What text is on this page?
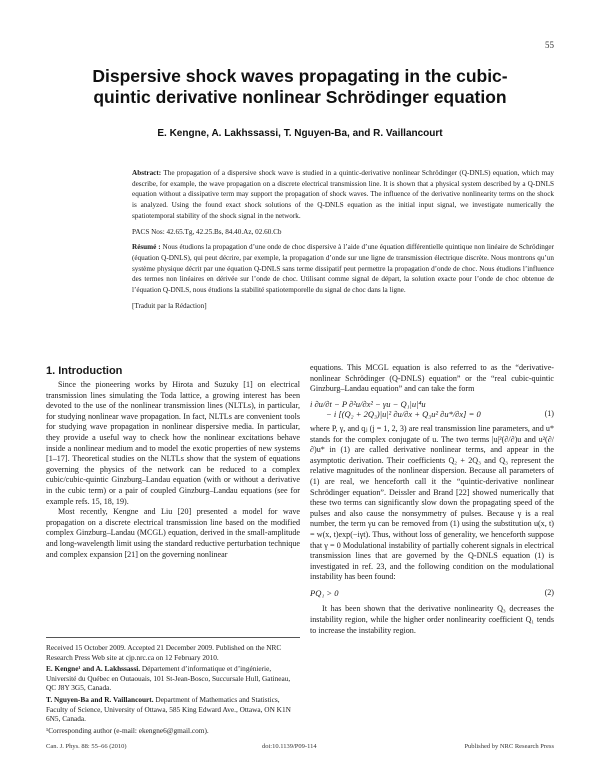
55
Dispersive shock waves propagating in the cubic-
quintic derivative nonlinear Schrödinger equation
E. Kengne, A. Lakhssassi, T. Nguyen-Ba, and R. Vaillancourt

Abstract: The propagation of a dispersive shock wave is studied in a quintic-derivative nonlinear Schrödinger (Q-DNLS) equation, which may describe, for example, the wave propagation on a discrete electrical transmission line. It is shown that a physical system described by a Q-DNLS equation without a dissipative term may support the propagation of shock waves. The influence of the derivative nonlinearity terms on the shock is analyzed. Using the found exact shock solutions of the Q-DNLS equation as the initial input signal, we investigate numerically the spatiotemporal stability of the shock signal in the network.

PACS Nos: 42.65.Tg, 42.25.Bs, 84.40.Az, 02.60.Cb

Résumé : Nous étudions la propagation d’une onde de choc dispersive à l’aide d’une équation différentielle quintique non linéaire de Schrödinger (équation Q-DNLS), qui peut décrire, par exemple, la propagation d’onde sur une ligne de transmission électrique discrète. Nous montrons qu’un système physique décrit par une équation Q-DNLS sans terme dissipatif peut permettre la propagation d’onde de choc. Nous étudions l’influence des termes non linéaires en dérivée sur l’onde de choc. Utilisant comme signal de départ, la solution exacte pour l’onde de choc obtenue de l’équation Q-DNLS, nous étudions la stabilité spatiotemporelle du signal de choc dans la ligne.

[Traduit par la Rédaction]

1. Introduction

Since the pioneering works by Hirota and Suzuky [1] on electrical transmission lines simulating the Toda lattice, a growing interest has been devoted to the use of the nonlinear transmission lines (NLTLs), in particular, for studying nonlinear wave propagation. In fact, NLTLs are convenient tools for studying wave propagation in nonlinear dispersive media. In particular, they provide a useful way to check how the nonlinear excitations behave inside a nonlinear medium and to model the exotic properties of new systems [1–17]. Theoretical studies on the NLTLs show that the system of equations governing the physics of the network can be reduced to a complex cubic/cubic-quintic Ginzburg–Landau equation (with or without a derivative in the cubic term) or a pair of coupled Ginzburg–Landau equations (see for example refs. 15, 18, 19).

Most recently, Kengne and Liu [20] presented a model for wave propagation on a discrete electrical transmission line based on the modified complex Ginzburg–Landau (MCGL) equation, derived in the small-amplitude and long-wavelength limit using the standard reductive perturbation technique and complex expansion [21] on the governing nonlinear

equations. This MCGL equation is also referred to as the “derivative-nonlinear Schrödinger (Q-DNLS) equation” or the “real cubic-quintic Ginzburg–Landau equation” and can take the form

i ∂u/∂t − P ∂²u/∂x² − γu − Q₁|u|⁴u
− i [(Q₂ + 2Q₃)|u|² ∂u/∂x + Q₃u² ∂u*/∂x] = 0	(1)

where P, γ, and qⱼ (j = 1, 2, 3) are real transmission line parameters, and u* stands for the complex conjugate of u. The two terms |u|²(∂/∂)u and u²(∂/∂)u* in (1) are called derivative nonlinear terms, and appear in the asymptotic derivation. Their coefficients Q₂ + 2Q₃ and Q₃ represent the relative magnitudes of the nonlinear dispersion. Because all parameters of (1) are real, we henceforth call it the “quintic-derivative nonlinear Schrödinger equation”. Deissler and Brand [22] showed numerically that these two terms can significantly slow down the propagating speed of the pulses and also cause the nonsymmetry of pulses. Because γ is a real number, the term γu can be removed from (1) using the substitution u(x, t) = w(x, t)exp(−iγt). Thus, without loss of generality, we henceforth suppose that γ = 0 Modulational instability of partially coherent signals in electrical transmission lines that are governed by the Q-DNLS equation (1) is investigated in ref. 23, and the following condition on the modulational instability has been found:

PQ₁ > 0	(2)

It has been shown that the derivative nonlinearity Q₃ decreases the instability region, while the higher order nonlinearity coefficient Q₁ tends to increase the instability region.

Received 15 October 2009. Accepted 21 December 2009. Published on the NRC Research Press Web site at cjp.nrc.ca on 12 February 2010.

E. Kengne¹ and A. Lakhssassi. Département d’informatique et d’ingénierie, Université du Québec en Outaouais, 101 St-Jean-Bosco, Succursale Hull, Gatineau, QC J8Y 3G5, Canada.

T. Nguyen-Ba and R. Vaillancourt. Department of Mathematics and Statistics, Faculty of Science, University of Ottawa, 585 King Edward Ave., Ottawa, ON K1N 6N5, Canada.

¹Corresponding author (e-mail: ekengne6@gmail.com).

Can. J. Phys. 88: 55–66 (2010)	doi:10.1139/P09-114	Published by NRC Research Press
